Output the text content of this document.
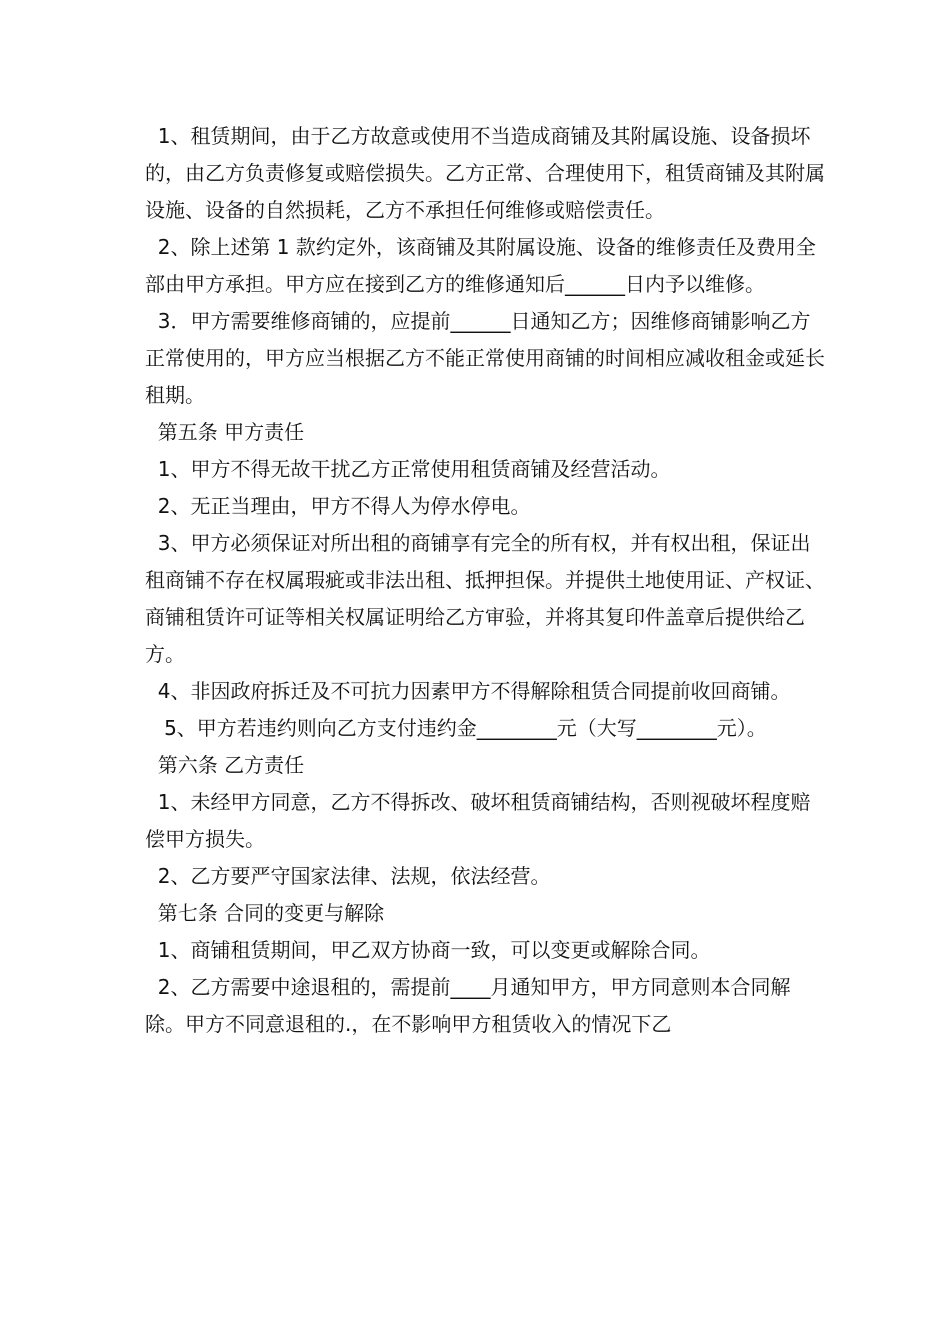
1、租赁期间，由于乙方故意或使用不当造成商铺及其附属设施、设备损坏的，由乙方负责修复或赔偿损失。乙方正常、合理使用下，租赁商铺及其附属设施、设备的自然损耗，乙方不承担任何维修或赔偿责任。

2、除上述第 1 款约定外，该商铺及其附属设施、设备的维修责任及费用全部由甲方承担。甲方应在接到乙方的维修通知后______日内予以维修。

3．甲方需要维修商铺的，应提前______日通知乙方；因维修商铺影响乙方正常使用的，甲方应当根据乙方不能正常使用商铺的时间相应减收租金或延长租期。

第五条 甲方责任

1、甲方不得无故干扰乙方正常使用租赁商铺及经营活动。

2、无正当理由，甲方不得人为停水停电。

3、甲方必须保证对所出租的商铺享有完全的所有权，并有权出租，保证出租商铺不存在权属瑕疵或非法出租、抵押担保。并提供土地使用证、产权证、商铺租赁许可证等相关权属证明给乙方审验，并将其复印件盖章后提供给乙方。

4、非因政府拆迁及不可抗力因素甲方不得解除租赁合同提前收回商铺。

5、甲方若违约则向乙方支付违约金________元（大写________元）。

第六条 乙方责任

1、未经甲方同意，乙方不得拆改、破坏租赁商铺结构，否则视破坏程度赔偿甲方损失。

2、乙方要严守国家法律、法规，依法经营。

第七条 合同的变更与解除

1、商铺租赁期间，甲乙双方协商一致，可以变更或解除合同。

2、乙方需要中途退租的，需提前____月通知甲方，甲方同意则本合同解除。甲方不同意退租的.，在不影响甲方租赁收入的情况下乙
